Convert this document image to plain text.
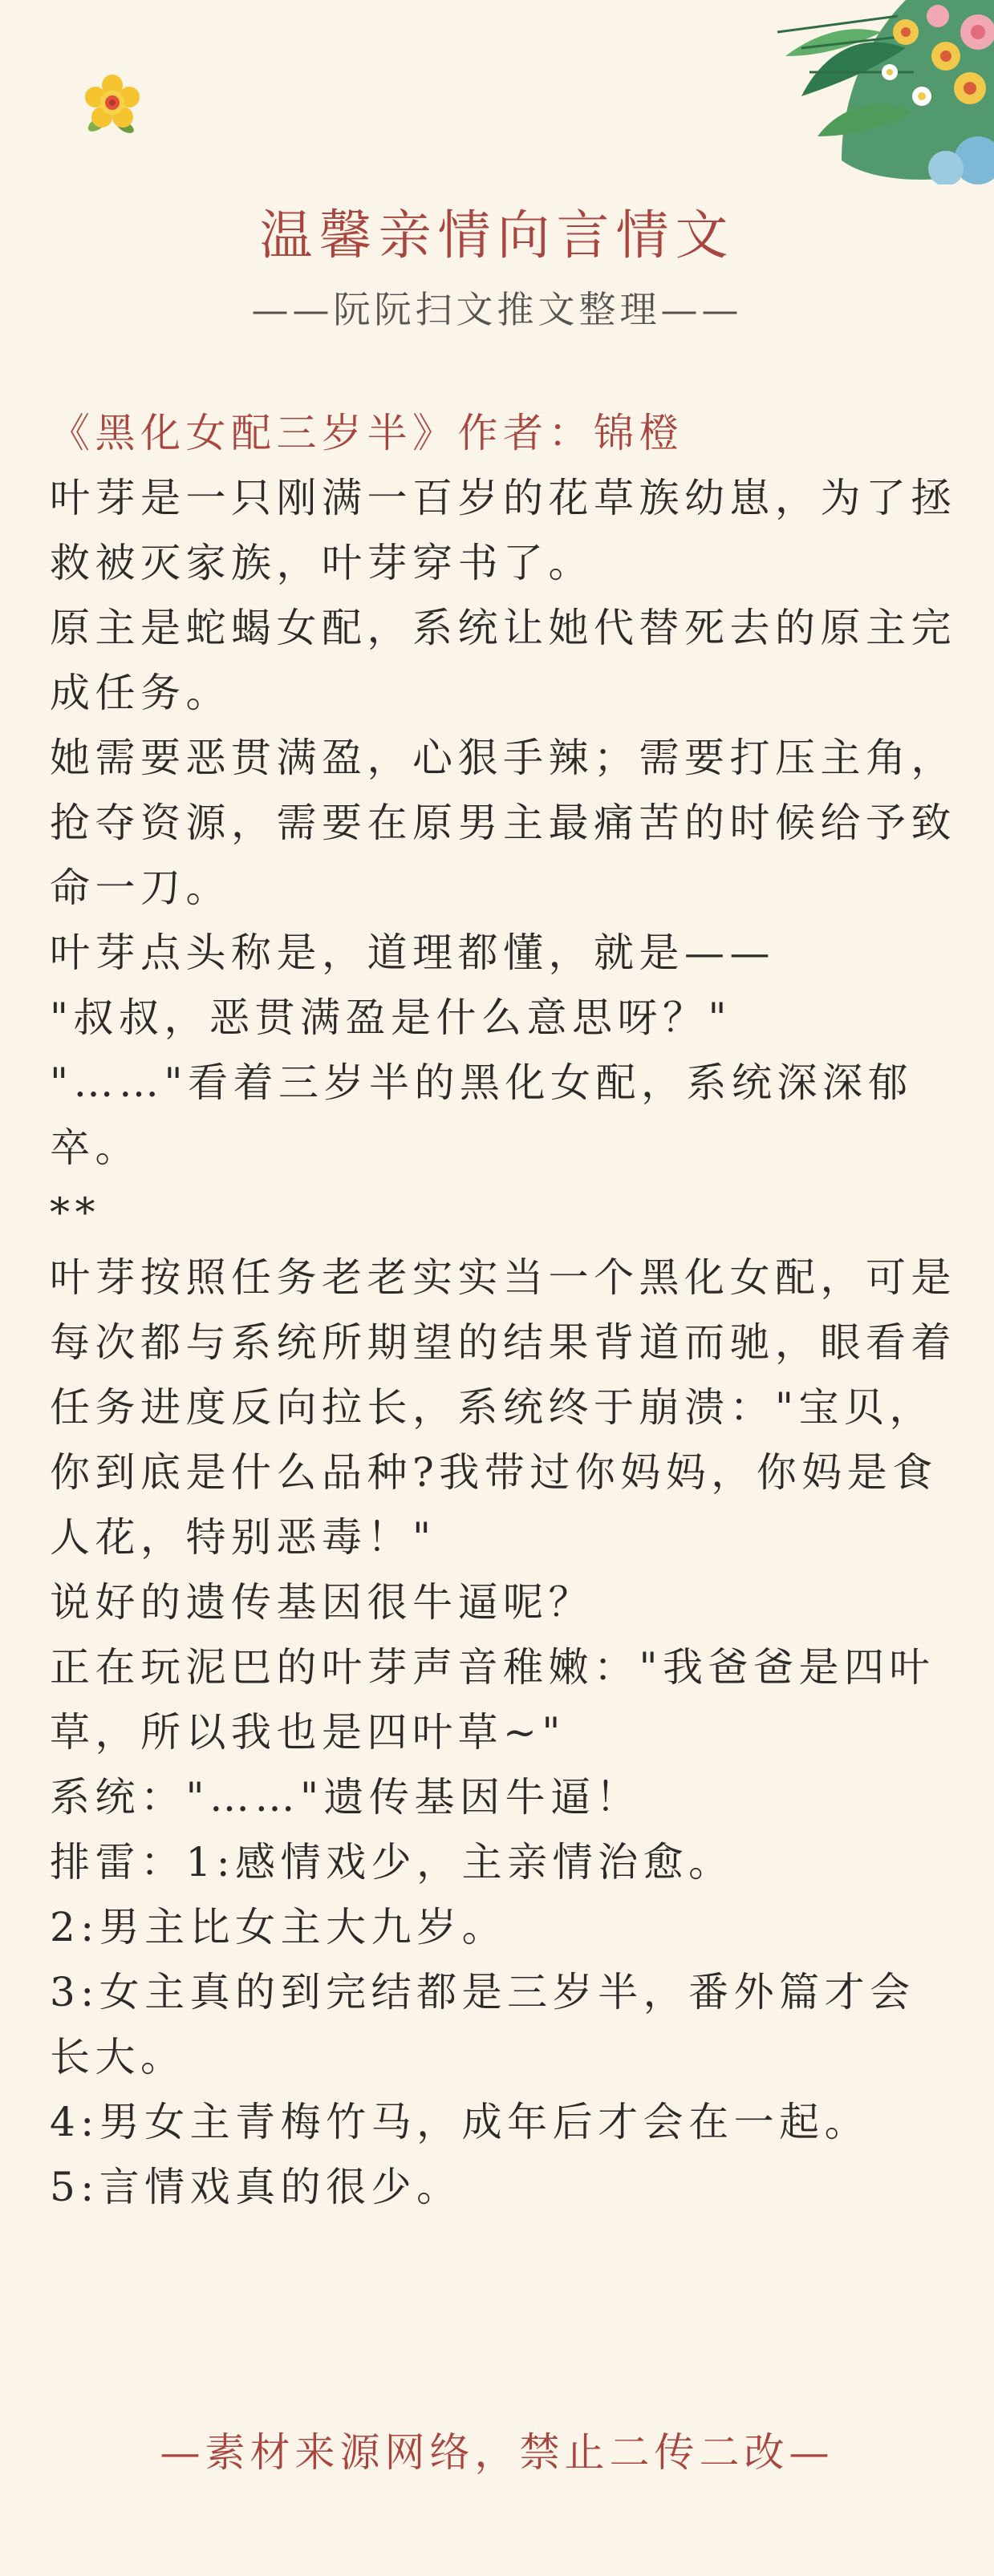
温馨亲情向言情文
——阮阮扫文推文整理——

《黑化女配三岁半》作者：锦橙

叶芽是一只刚满一百岁的花草族幼崽，为了拯救被灭家族，叶芽穿书了。

原主是蛇蝎女配，系统让她代替死去的原主完成任务。

她需要恶贯满盈，心狠手辣；需要打压主角，抢夺资源，需要在原男主最痛苦的时候给予致命一刀。

叶芽点头称是，道理都懂，就是——

"叔叔，恶贯满盈是什么意思呀？"

"……"看着三岁半的黑化女配，系统深深郁卒。

**

叶芽按照任务老老实实当一个黑化女配，可是每次都与系统所期望的结果背道而驰，眼看着任务进度反向拉长，系统终于崩溃："宝贝，你到底是什么品种?我带过你妈妈，你妈是食人花，特别恶毒！"

说好的遗传基因很牛逼呢？

正在玩泥巴的叶芽声音稚嫩："我爸爸是四叶草，所以我也是四叶草~"

系统："……"遗传基因牛逼！

排雷：1:感情戏少，主亲情治愈。

2:男主比女主大九岁。

3:女主真的到完结都是三岁半，番外篇才会长大。

4:男女主青梅竹马，成年后才会在一起。

5:言情戏真的很少。

—素材来源网络，禁止二传二改—
